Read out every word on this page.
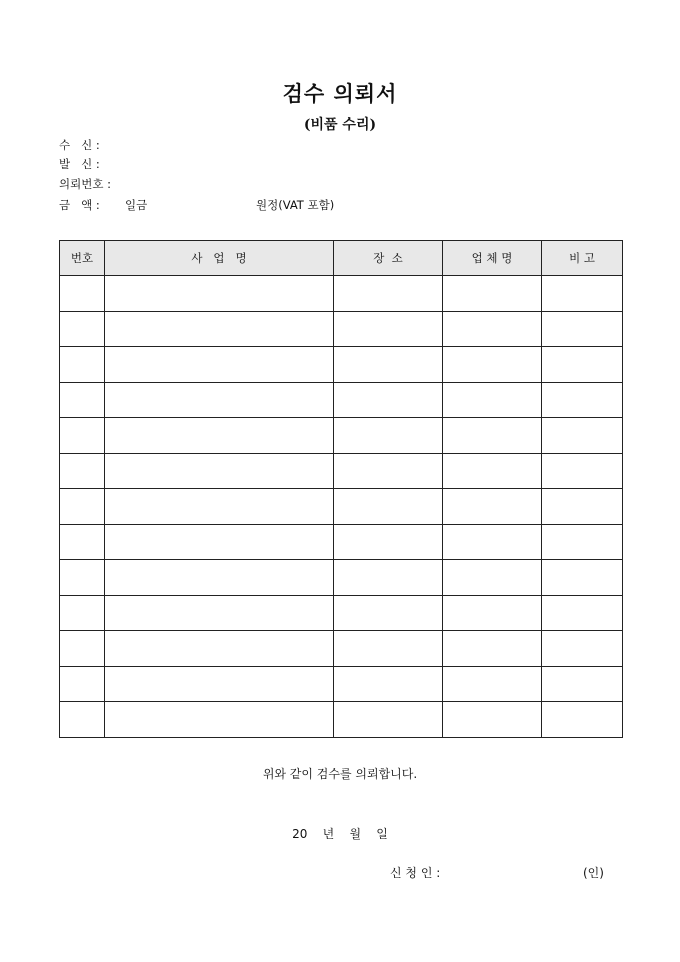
검수 의뢰서
(비품 수리)
수   신 :
발   신 :
의뢰번호 :
금   액 : 일금	원정(VAT 포함)
번호	사   업   명	장  소	업 체 명	비 고

위와 같이 검수를 의뢰합니다.
20    년    월    일
신 청 인 :	(인)
